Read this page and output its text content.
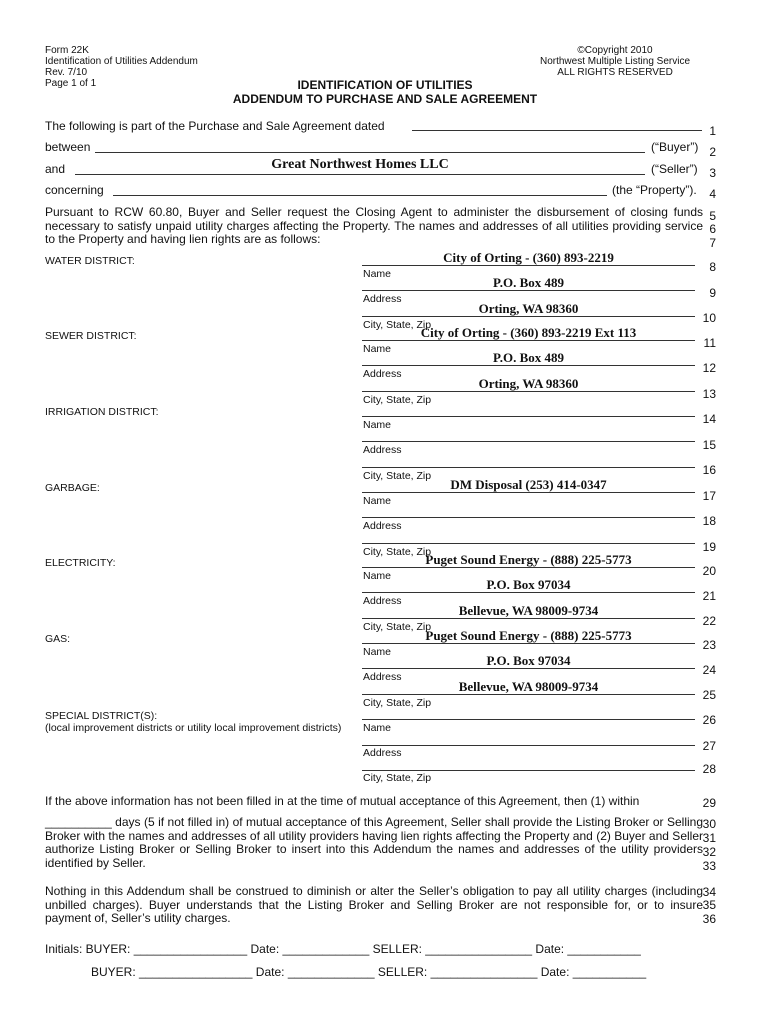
Form 22K
Identification of Utilities Addendum
Rev. 7/10
Page 1 of 1
©Copyright 2010
Northwest Multiple Listing Service
ALL RIGHTS RESERVED
IDENTIFICATION OF UTILITIES
ADDENDUM TO PURCHASE AND SALE AGREEMENT
The following is part of the Purchase and Sale Agreement dated
between	(“Buyer”)
and	Great Northwest Homes LLC	(“Seller”)
concerning	(the “Property”).
Pursuant to RCW 60.80, Buyer and Seller request the Closing Agent to administer the disbursement of closing funds necessary to satisfy unpaid utility charges affecting the Property. The names and addresses of all utilities providing service to the Property and having lien rights are as follows:
WATER DISTRICT:
Name
City of Orting - (360) 893-2219
Address
P.O. Box 489
City, State, Zip
Orting, WA 98360
SEWER DISTRICT:
Name
City of Orting - (360) 893-2219 Ext 113
Address
P.O. Box 489
City, State, Zip
Orting, WA 98360
IRRIGATION DISTRICT:
Name
Address
City, State, Zip
GARBAGE:
Name
DM Disposal (253) 414-0347
Address
City, State, Zip
ELECTRICITY:
Name
Puget Sound Energy - (888) 225-5773
Address
P.O. Box 97034
City, State, Zip
Bellevue, WA 98009-9734
GAS:
Name
Puget Sound Energy - (888) 225-5773
Address
P.O. Box 97034
City, State, Zip
Bellevue, WA 98009-9734
SPECIAL DISTRICT(S):
(local improvement districts or utility local improvement districts) Name
Address
City, State, Zip
If the above information has not been filled in at the time of mutual acceptance of this Agreement, then (1) within
__________ days (5 if not filled in) of mutual acceptance of this Agreement, Seller shall provide the Listing Broker or Selling Broker with the names and addresses of all utility providers having lien rights affecting the Property and (2) Buyer and Seller authorize Listing Broker or Selling Broker to insert into this Addendum the names and addresses of the utility providers identified by Seller.
Nothing in this Addendum shall be construed to diminish or alter the Seller’s obligation to pay all utility charges (including unbilled charges). Buyer understands that the Listing Broker and Selling Broker are not responsible for, or to insure payment of, Seller’s utility charges.
Initials: BUYER: _________________ Date: _____________ SELLER: ________________ Date: ___________
BUYER: _________________ Date: _____________ SELLER: ________________ Date: ___________
1
2
3
4
5
6
7
8
9
10
11
12
13
14
15
16
17
18
19
20
21
22
23
24
25
26
27
28
29
30
31
32
33
34
35
36
